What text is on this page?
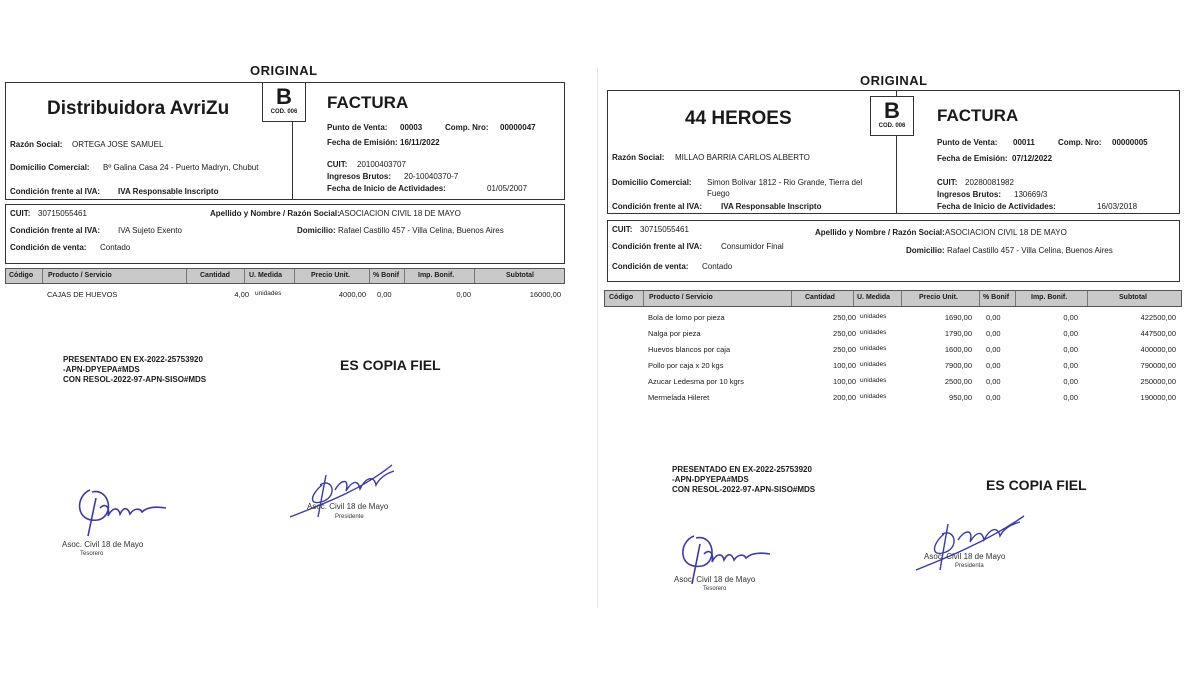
ORIGINAL
Distribuidora AvriZu	B
COD. 006	FACTURA
Punto de Venta: 00003	Comp. Nro: 00000047
Fecha de Emisión: 16/11/2022
Razón Social: ORTEGA JOSE SAMUEL
Domicilio Comercial: Bº Galina Casa 24 - Puerto Madryn, Chubut
Condición frente al IVA: IVA Responsable Inscripto
CUIT: 20100403707
Ingresos Brutos: 20-10040370-7
Fecha de Inicio de Actividades:	01/05/2007
CUIT: 30715055461	Apellido y Nombre / Razón Social: ASOCIACION CIVIL 18 DE MAYO
Condición frente al IVA: IVA Sujeto Exento	Domicilio: Rafael Castillo 457 - Villa Celina, Buenos Aires
Condición de venta: Contado
Código Producto / Servicio	Cantidad	U. Medida	Precio Unit.	% Bonif	Imp. Bonif.	Subtotal
CAJAS DE HUEVOS	4,00 unidades	4000,00 0,00	0,00	16000,00
PRESENTADO EN EX-2022-25753920
-APN-DPYEPA#MDS
CON RESOL-2022-97-APN-SISO#MDS
ES COPIA FIEL
Asoc. Civil 18 de Mayo
Tesorero
Asoc. Civil 18 de Mayo
Presidente
ORIGINAL
44 HEROES	B
COD. 006
FACTURA
Punto de Venta: 00011	Comp. Nro: 00000005
Fecha de Emisión: 07/12/2022
Razón Social: MILLAO BARRIA CARLOS ALBERTO
Domicilio Comercial: Simon Bolivar 1812 - Rio Grande, Tierra del
Fuego
Condición frente al IVA: IVA Responsable Inscripto
CUIT: 20280081982
Ingresos Brutos: 130669/3
Fecha de Inicio de Actividades:	16/03/2018
CUIT: 30715055461	Apellido y Nombre / Razón Social: ASOCIACION CIVIL 18 DE MAYO
Condición frente al IVA: Consumidor Final	Domicilio: Rafael Castillo 457 - Villa Celina, Buenos Aires
Condición de venta: Contado
Código Producto / Servicio	Cantidad	U. Medida	Precio Unit.	% Bonif	Imp. Bonif.	Subtotal
Bola de lomo por pieza	250,00 unidades	1690,00 0,00	0,00	422500,00
Nalga por pieza	250,00 unidades	1790,00 0,00	0,00	447500,00
Huevos blancos por caja	250,00 unidades	1600,00 0,00	0,00	400000,00
Pollo por caja x 20 kgs	100,00 unidades	7900,00 0,00	0,00	790000,00
Azucar Ledesma por 10 kgrs	100,00 unidades	2500,00 0,00	0,00	250000,00
Mermelada Hileret	200,00 unidades	950,00 0,00	0,00	190000,00
PRESENTADO EN EX-2022-25753920
-APN-DPYEPA#MDS
CON RESOL-2022-97-APN-SISO#MDS	ES COPIA FIEL
Asoc. Civil 18 de Mayo
Tesorero
Asoc. Civil 18 de Mayo
Presidenta
